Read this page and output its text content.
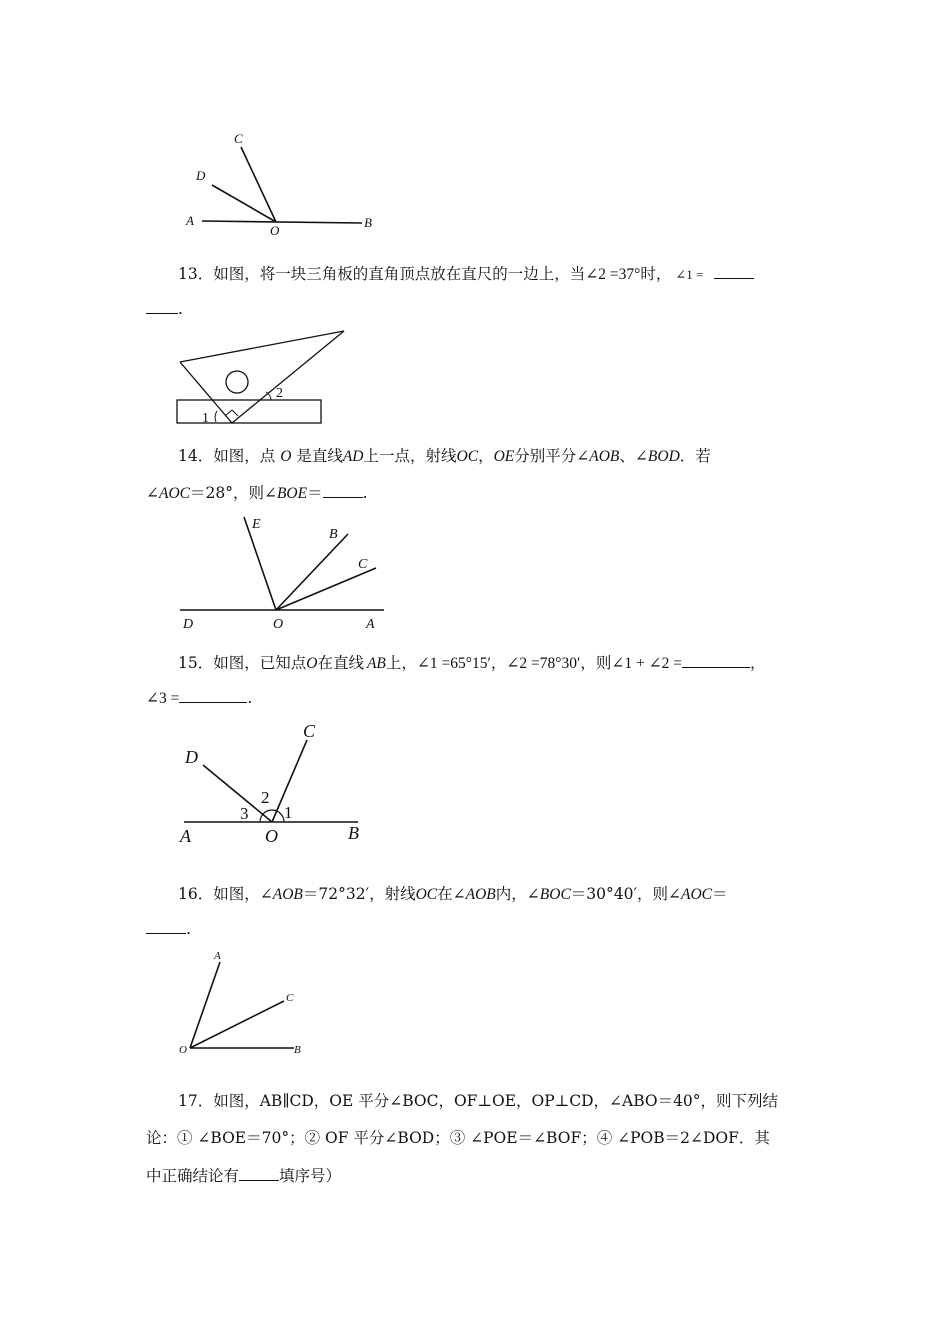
C
D
A
O
B
13．如图，将一块三角板的直角顶点放在直尺的一边上，当∠2 =37°时， ∠1 =
.
2
1
14．如图，点 O 是直线AD上一点，射线OC，OE分别平分∠AOB、∠BOD．若
∠AOC＝28°，则∠BOE＝	.
E
B
C
D	O	A
15．如图，已知点O在直线 AB上，∠1 =65°15′，∠2 =78°30′，则∠1 + ∠2 =	，
∠3 =	.
C
D
2
3 1
A	O	B
16．如图，∠AOB＝72°32′，射线OC在∠AOB内，∠BOC＝30°40′，则∠AOC＝
.
A
C
O	B
17．如图，AB∥CD，OE 平分∠BOC，OF⊥OE，OP⊥CD，∠ABO＝40°，则下列结
论：① ∠BOE＝70°；② OF 平分∠BOD；③ ∠POE＝∠BOF；④ ∠POB＝2∠DOF．其
中正确结论有	填序号）
